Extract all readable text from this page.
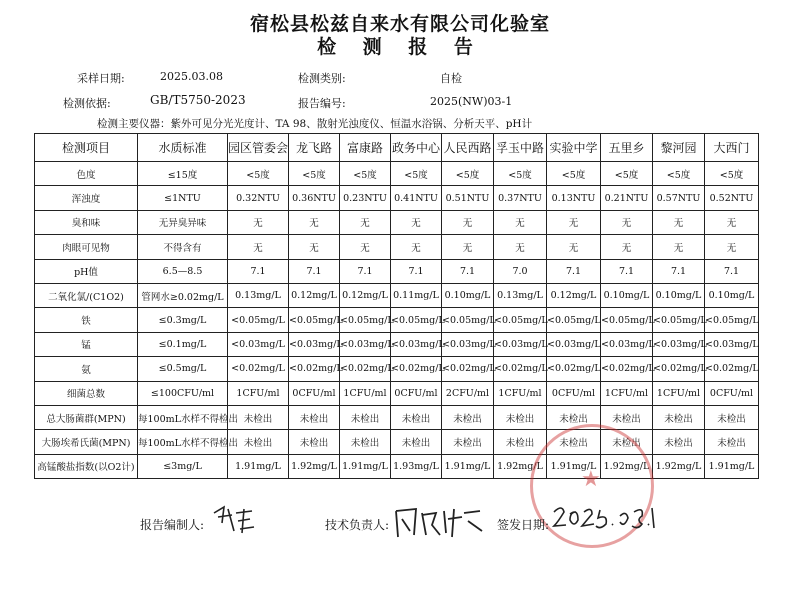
宿松县松兹自来水有限公司化验室
检 测 报 告
采样日期:	2025.03.08	检测类别:	自检
检测依据:	GB/T5750-2023	报告编号:	2025(NW)03-1
检测主要仪器：紫外可见分光光度计、TA 98、散射光浊度仪、恒温水浴锅、分析天平、pH计
检测项目	水质标准	园区管委会	龙飞路	富康路	政务中心	人民西路	孚玉中路	实验中学	五里乡	黎河园	大西门
色度	≤15度	<5度	<5度	<5度	<5度	<5度	<5度	<5度	<5度	<5度	<5度
浑浊度	≤1NTU	0.32NTU	0.36NTU	0.23NTU	0.41NTU	0.51NTU	0.37NTU	0.13NTU	0.21NTU	0.57NTU	0.52NTU
臭和味	无异臭异味	无	无	无	无	无	无	无	无	无	无
肉眼可见物	不得含有	无	无	无	无	无	无	无	无	无	无
pH值	6.5—8.5	7.1	7.1	7.1	7.1	7.1	7.0	7.1	7.1	7.1	7.1
二氧化氯/(C1O2)	管网水≥0.02mg/L	0.13mg/L	0.12mg/L	0.12mg/L	0.11mg/L	0.10mg/L	0.13mg/L	0.12mg/L	0.10mg/L	0.10mg/L	0.10mg/L
铁	≤0.3mg/L	<0.05mg/L	<0.05mg/L	<0.05mg/L	<0.05mg/L	<0.05mg/L	<0.05mg/L	<0.05mg/L	<0.05mg/L	<0.05mg/L	<0.05mg/L
锰	≤0.1mg/L	<0.03mg/L	<0.03mg/L	<0.03mg/L	<0.03mg/L	<0.03mg/L	<0.03mg/L	<0.03mg/L	<0.03mg/L	<0.03mg/L	<0.03mg/L
氨	≤0.5mg/L	<0.02mg/L	<0.02mg/L	<0.02mg/L	<0.02mg/L	<0.02mg/L	<0.02mg/L	<0.02mg/L	<0.02mg/L	<0.02mg/L	<0.02mg/L
细菌总数	≤100CFU/ml	1CFU/ml	0CFU/ml	1CFU/ml	0CFU/ml	2CFU/ml	1CFU/ml	0CFU/ml	1CFU/ml	1CFU/ml	0CFU/ml
总大肠菌群(MPN)	每100mL水样不得检出	未检出	未检出	未检出	未检出	未检出	未检出	未检出	未检出	未检出	未检出
大肠埃希氏菌(MPN)	每100mL水样不得检出	未检出	未检出	未检出	未检出	未检出	未检出	未检出	未检出	未检出	未检出
高锰酸盐指数(以O2计)	≤3mg/L	1.91mg/L	1.92mg/L	1.91mg/L	1.93mg/L	1.91mg/L	1.92mg/L	1.91mg/L	1.92mg/L	1.92mg/L	1.91mg/L
★
报告编制人:	技术负责人:	签发日期:
